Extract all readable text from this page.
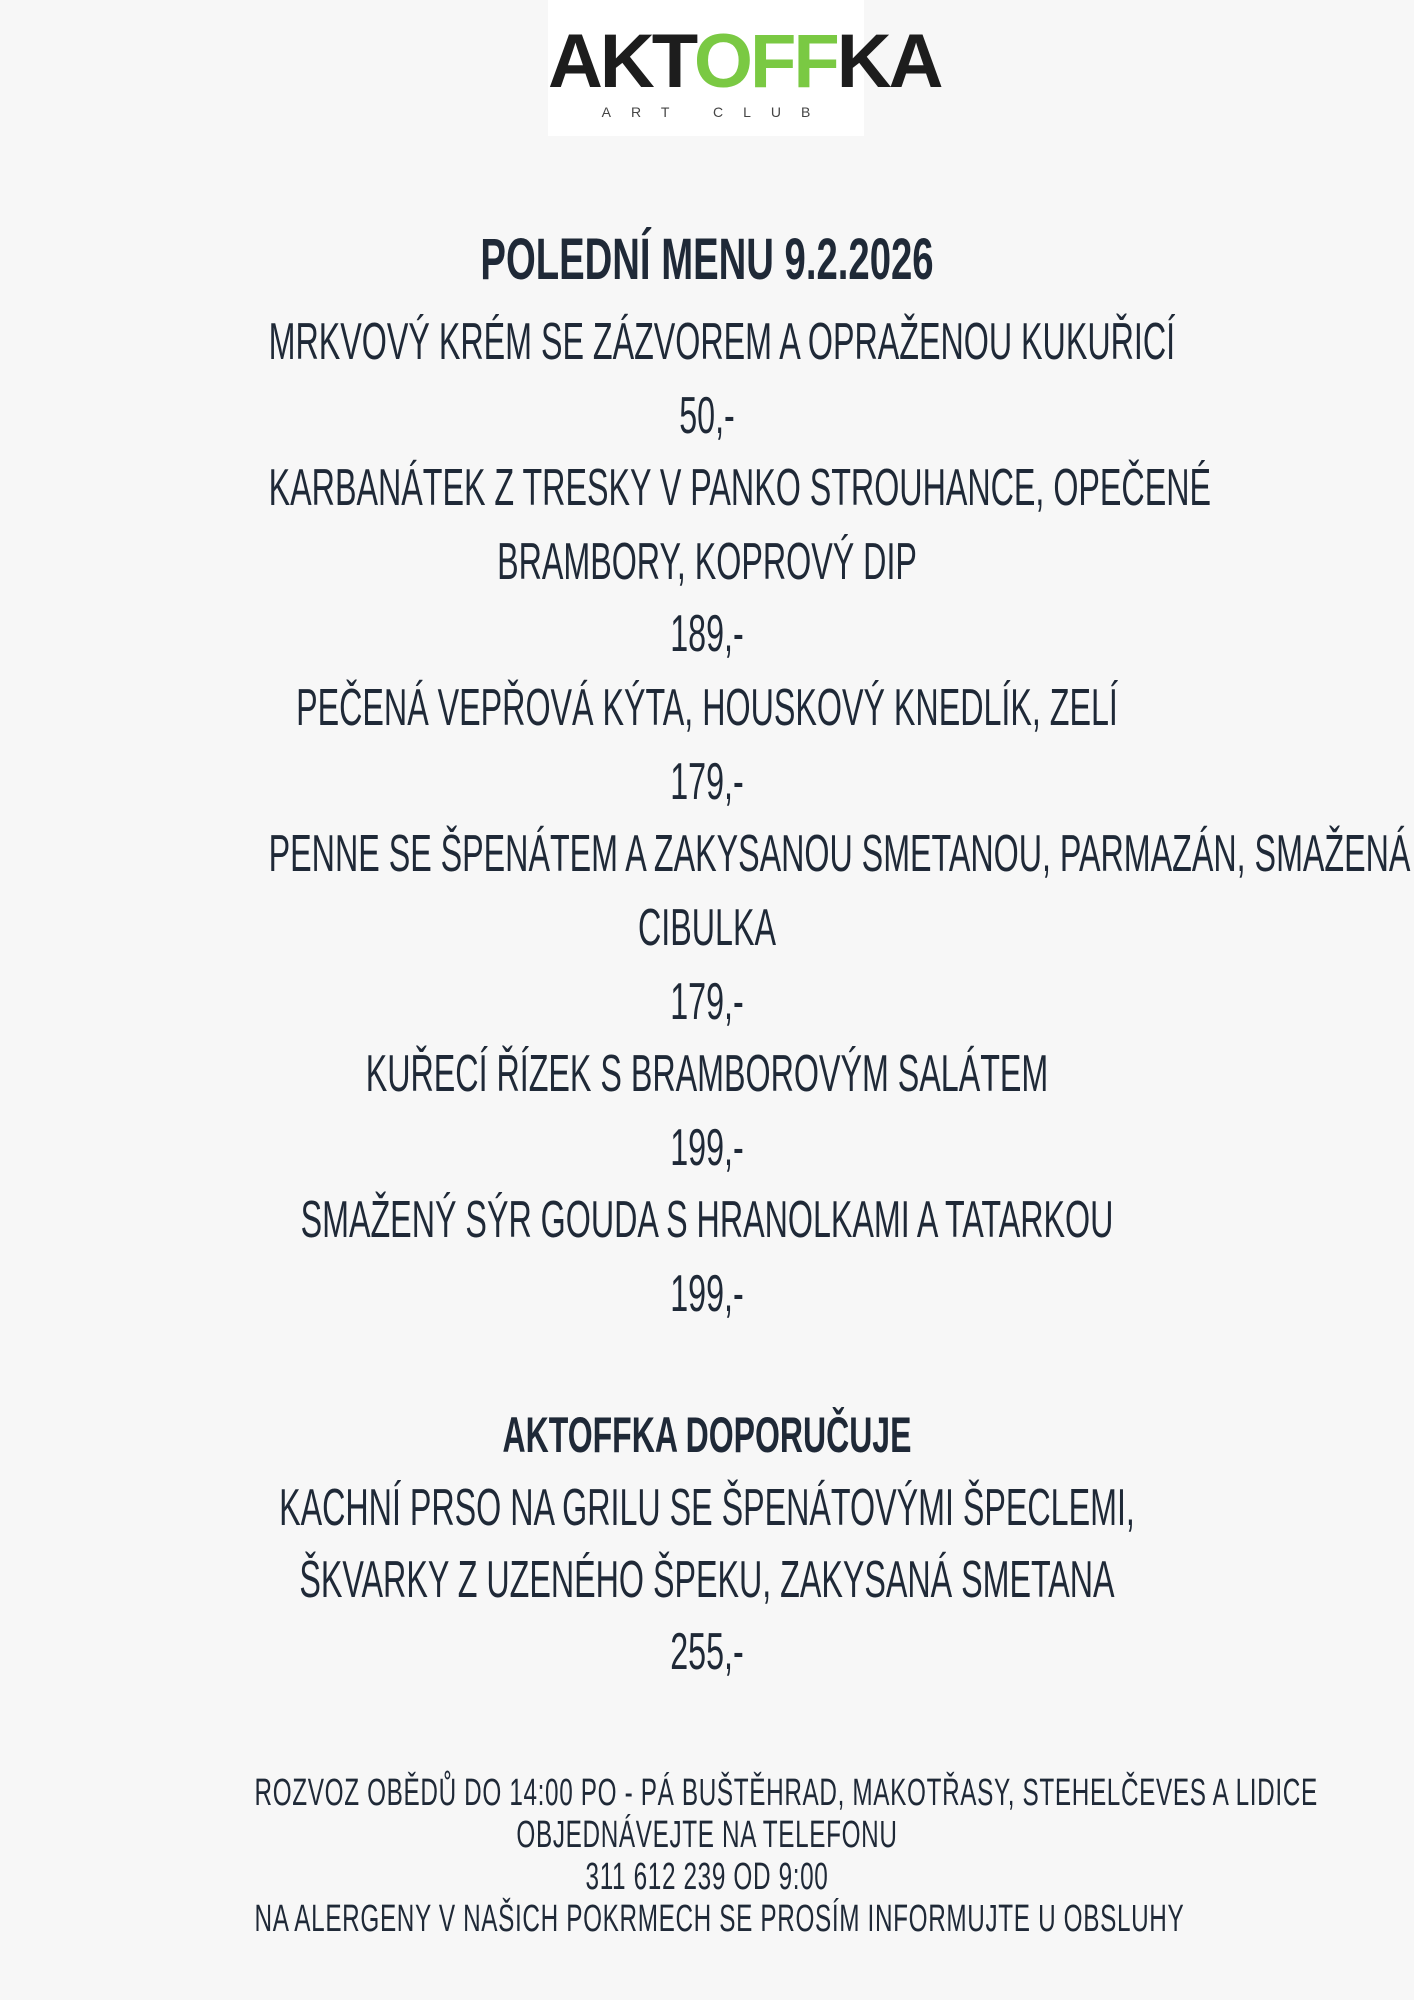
AKTOFFKA
ART CLUB
POLEDNÍ MENU 9.2.2026
MRKVOVÝ KRÉM SE ZÁZVOREM A OPRAŽENOU KUKUŘICÍ
50,-
KARBANÁTEK Z TRESKY V PANKO STROUHANCE, OPEČENÉ
BRAMBORY, KOPROVÝ DIP
189,-
PEČENÁ VEPŘOVÁ KÝTA, HOUSKOVÝ KNEDLÍK, ZELÍ
179,-
PENNE SE ŠPENÁTEM A ZAKYSANOU SMETANOU, PARMAZÁN, SMAŽENÁ
CIBULKA
179,-
KUŘECÍ ŘÍZEK S BRAMBOROVÝM SALÁTEM
199,-
SMAŽENÝ SÝR GOUDA S HRANOLKAMI A TATARKOU
199,-
AKTOFFKA DOPORUČUJE
KACHNÍ PRSO NA GRILU SE ŠPENÁTOVÝMI ŠPECLEMI,
ŠKVARKY Z UZENÉHO ŠPEKU, ZAKYSANÁ SMETANA
255,-
ROZVOZ OBĚDŮ DO 14:00 PO - PÁ BUŠTĚHRAD, MAKOTŘASY, STEHELČEVES A LIDICE
OBJEDNÁVEJTE NA TELEFONU
311 612 239 OD 9:00
NA ALERGENY V NAŠICH POKRMECH SE PROSÍM INFORMUJTE U OBSLUHY
